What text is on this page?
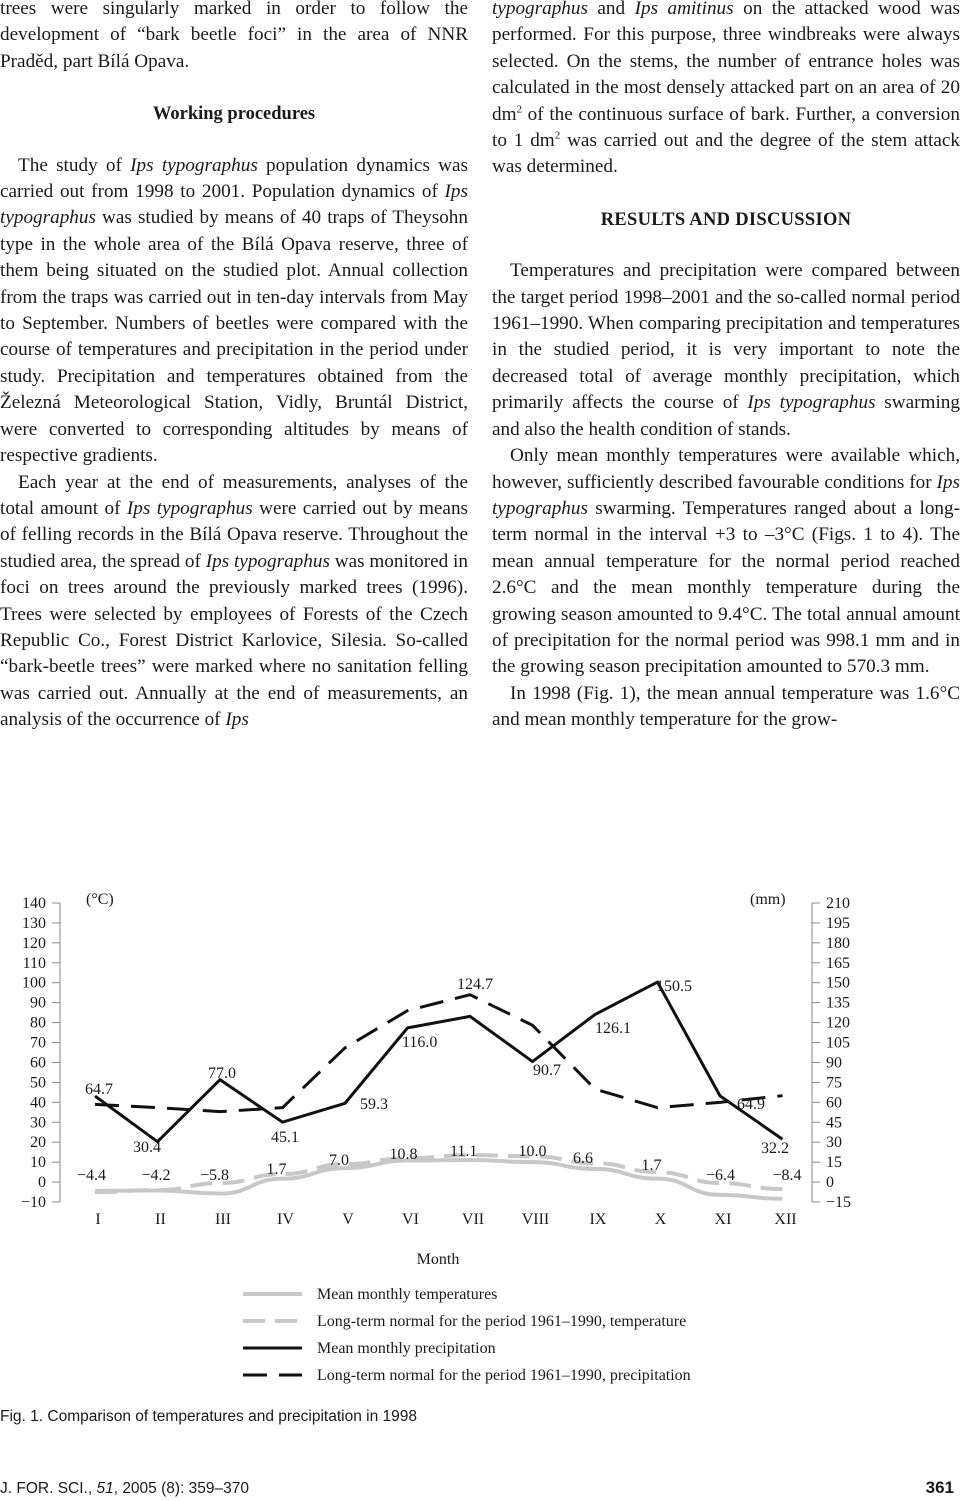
trees were singularly marked in order to follow the development of “bark beetle foci” in the area of NNR Praděd, part Bílá Opava.

Working procedures

The study of Ips typographus population dynamics was carried out from 1998 to 2001. Population dynamics of Ips typographus was studied by means of 40 traps of Theysohn type in the whole area of the Bílá Opava reserve, three of them being situated on the studied plot. Annual collection from the traps was carried out in ten-day intervals from May to September. Numbers of beetles were compared with the course of temperatures and precipitation in the period under study. Precipitation and temperatures obtained from the Železná Meteorological Station, Vidly, Bruntál District, were converted to corresponding altitudes by means of respective gradients.

Each year at the end of measurements, analyses of the total amount of Ips typographus were carried out by means of felling records in the Bílá Opava reserve. Throughout the studied area, the spread of Ips typographus was monitored in foci on trees around the previously marked trees (1996). Trees were selected by employees of Forests of the Czech Republic Co., Forest District Karlovice, Silesia. So-called “bark-beetle trees” were marked where no sanitation felling was carried out. Annually at the end of measurements, an analysis of the occurrence of Ips

typographus and Ips amitinus on the attacked wood was performed. For this purpose, three windbreaks were always selected. On the stems, the number of entrance holes was calculated in the most densely attacked part on an area of 20 $dm^2$ of the continuous surface of bark. Further, a conversion to 1 $dm^2$ was carried out and the degree of the stem attack was determined.

RESULTS AND DISCUSSION

Temperatures and precipitation were compared between the target period 1998–2001 and the so-called normal period 1961–1990. When comparing precipitation and temperatures in the studied period, it is very important to note the decreased total of average monthly precipitation, which primarily affects the course of Ips typographus swarming and also the health condition of stands.

Only mean monthly temperatures were available which, however, sufficiently described favourable conditions for Ips typographus swarming. Temperatures ranged about a long-term normal in the interval +3 to –3°C (Figs. 1 to 4). The mean annual temperature for the normal period reached 2.6°C and the mean monthly temperature during the growing season amounted to 9.4°C. The total annual amount of precipitation for the normal period was 998.1 mm and in the growing season precipitation amounted to 570.3 mm.

In 1998 (Fig. 1), the mean annual temperature was 1.6°C and mean monthly temperature for the grow-

140
130
120
110
100
90
80
70
60
50
40
30
20
10
0
−10
210
195
180
165
150
135
120
105
90
75
60
45
30
15
0
−15
(°C)	(mm)
I	II	III	IV	V	VI	VII VIII	IX	X	XI	XII
Month
−4.4 −4.2 −5.8 1.7
7.0	10.8 11.1	10.0 6.6	1.7
−6.4 −8.4
64.7
30.4
77.0
45.1
59.3
116.0
124.7
90.7
126.1
150.5
64.9
32.2
Mean monthly temperatures
Long-term normal for the period 1961–1990, temperature
Mean monthly precipitation
Long-term normal for the period 1961–1990, precipitation
Fig. 1. Comparison of temperatures and precipitation in 1998
J. FOR. SCI., 51, 2005 (8): 359–370	361
